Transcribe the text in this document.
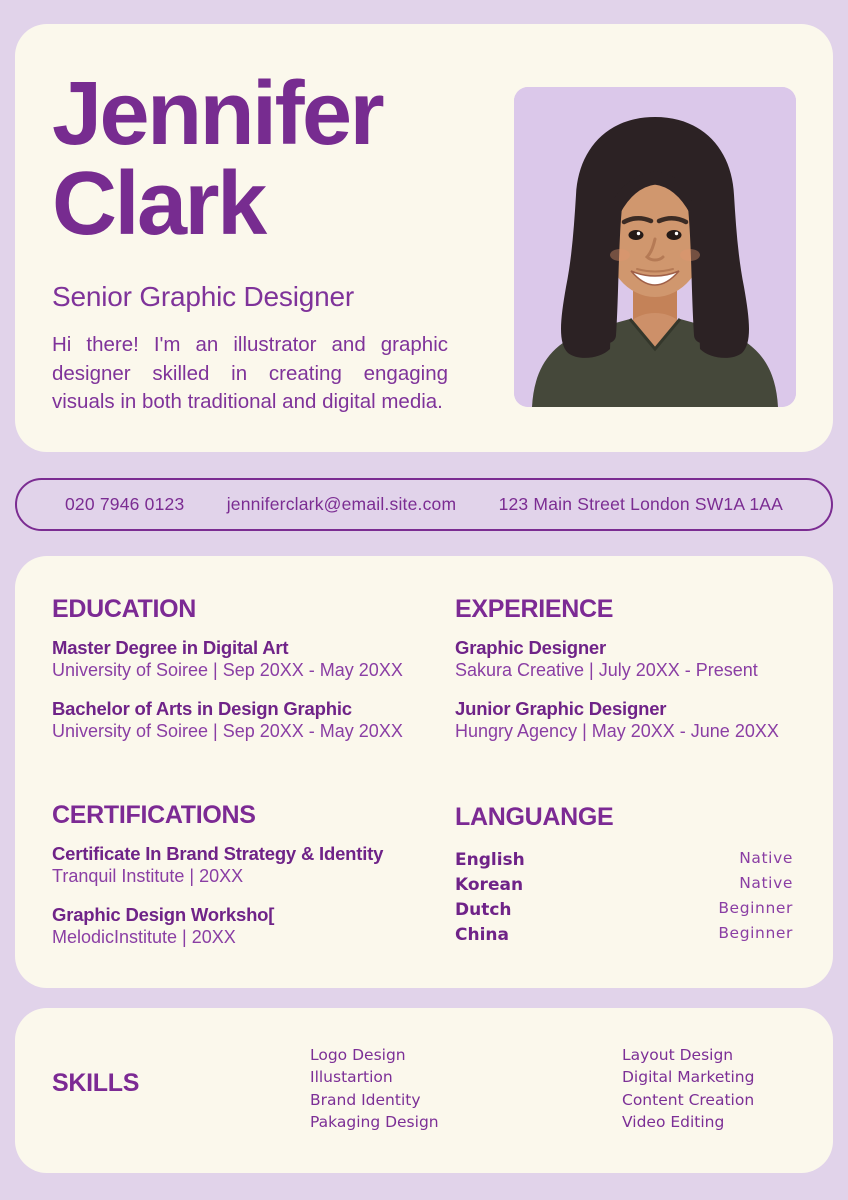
Jennifer
Clark
Senior Graphic Designer

Hi there! I'm an illustrator and graphic designer skilled in creating engaging visuals in both traditional and digital media.

020 7946 0123 jenniferclark@email.site.com 123 Main Street London SW1A 1AA
EDUCATION
Master Degree in Digital Art
University of Soiree | Sep 20XX - May 20XX
Bachelor of Arts in Design Graphic
University of Soiree | Sep 20XX - May 20XX
EXPERIENCE
Graphic Designer
Sakura Creative | July 20XX - Present
Junior Graphic Designer
Hungry Agency | May 20XX - June 20XX
CERTIFICATIONS
Certificate In Brand Strategy & Identity
Tranquil Institute | 20XX
Graphic Design Worksho[
MelodicInstitute | 20XX
LANGUANGE
English	Native
Korean	Native
Dutch	Beginner
China	Beginner
SKILLS
Logo Design
Illustartion
Brand Identity
Pakaging Design
Layout Design
Digital Marketing
Content Creation
Video Editing
